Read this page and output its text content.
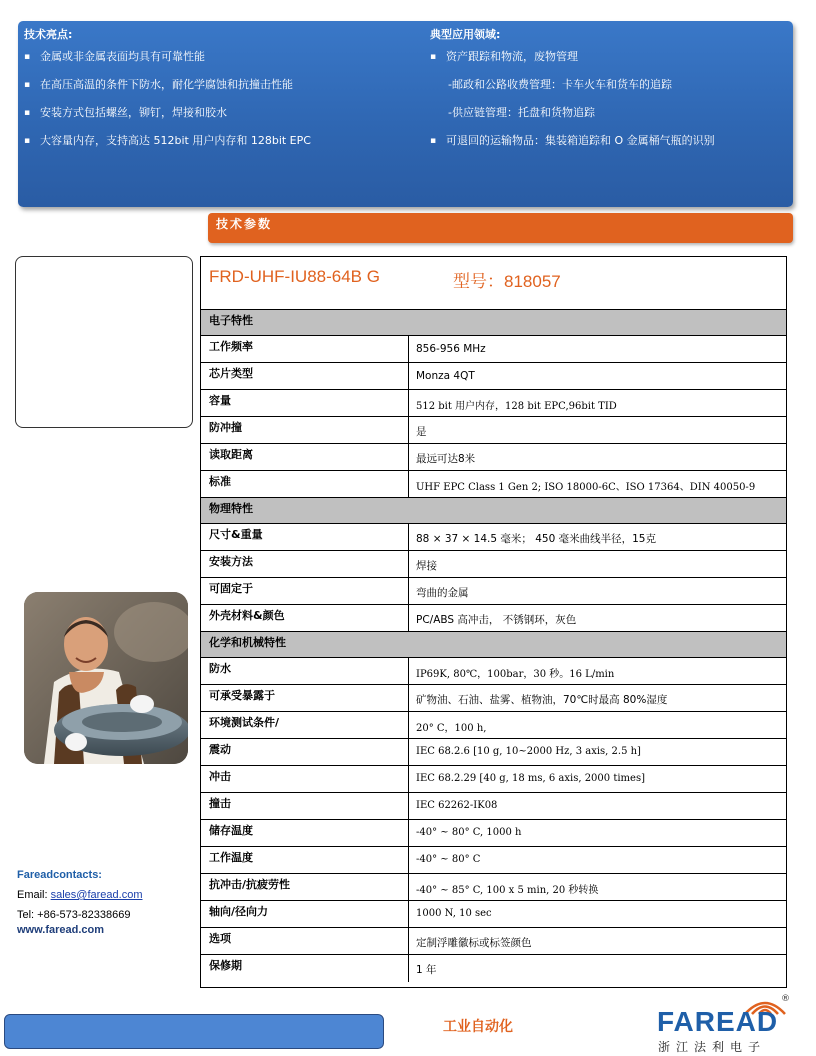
技术亮点:
▪ 金属或非金属表面均具有可靠性能
▪ 在高压高温的条件下防水，耐化学腐蚀和抗撞击性能
▪ 安装方式包括螺丝，铆钉，焊接和胶水
▪ 大容量内存，支持高达 512bit 用户内存和 128bit EPC
典型应用领域:
▪ 资产跟踪和物流，废物管理
-邮政和公路收费管理：卡车火车和货车的追踪
-供应链管理：托盘和货物追踪
▪ 可退回的运输物品：集装箱追踪和 O 金属桶气瓶的识别
技术参数
Fareadcontacts:
Email: sales@faread.com
Tel: +86-573-82338669
www.faread.com
FRD-UHF-IU88-64B G	型号：818057
电子特性
工作频率	856-956 MHz
芯片类型	Monza 4QT
容量	512 bit 用户内存，128 bit EPC,96bit TID
防冲撞	是
读取距离	最远可达8米
标准	UHF EPC Class 1 Gen 2; ISO 18000-6C、ISO 17364、DIN 40050-9
物理特性
尺寸&重量	88 × 37 × 14.5 毫米； 450 毫米曲线半径，15克
安装方法	焊接
可固定于	弯曲的金属
外壳材料&颜色	PC/ABS 高冲击， 不锈钢环，灰色
化学和机械特性
防水	IP69K, 80℃，100bar，30 秒。16 L/min
可承受暴露于	矿物油、石油、盐雾、植物油，70℃时最高 80%湿度
环境测试条件/	20° C，100 h,
震动	IEC 68.2.6 [10 g, 10~2000 Hz, 3 axis, 2.5 h]
冲击	IEC 68.2.29 [40 g, 18 ms, 6 axis, 2000 times]
撞击	IEC 62262-IK08
储存温度	-40° ~ 80° C, 1000 h
工作温度	-40° ~ 80° C
抗冲击/抗疲劳性	-40° ~ 85° C, 100 x 5 min, 20 秒转换
轴向/径向力	1000 N, 10 sec
选项	定制浮雕徽标或标签颜色
保修期	1 年
工业自动化
®
FAREAD
浙江法利电子
